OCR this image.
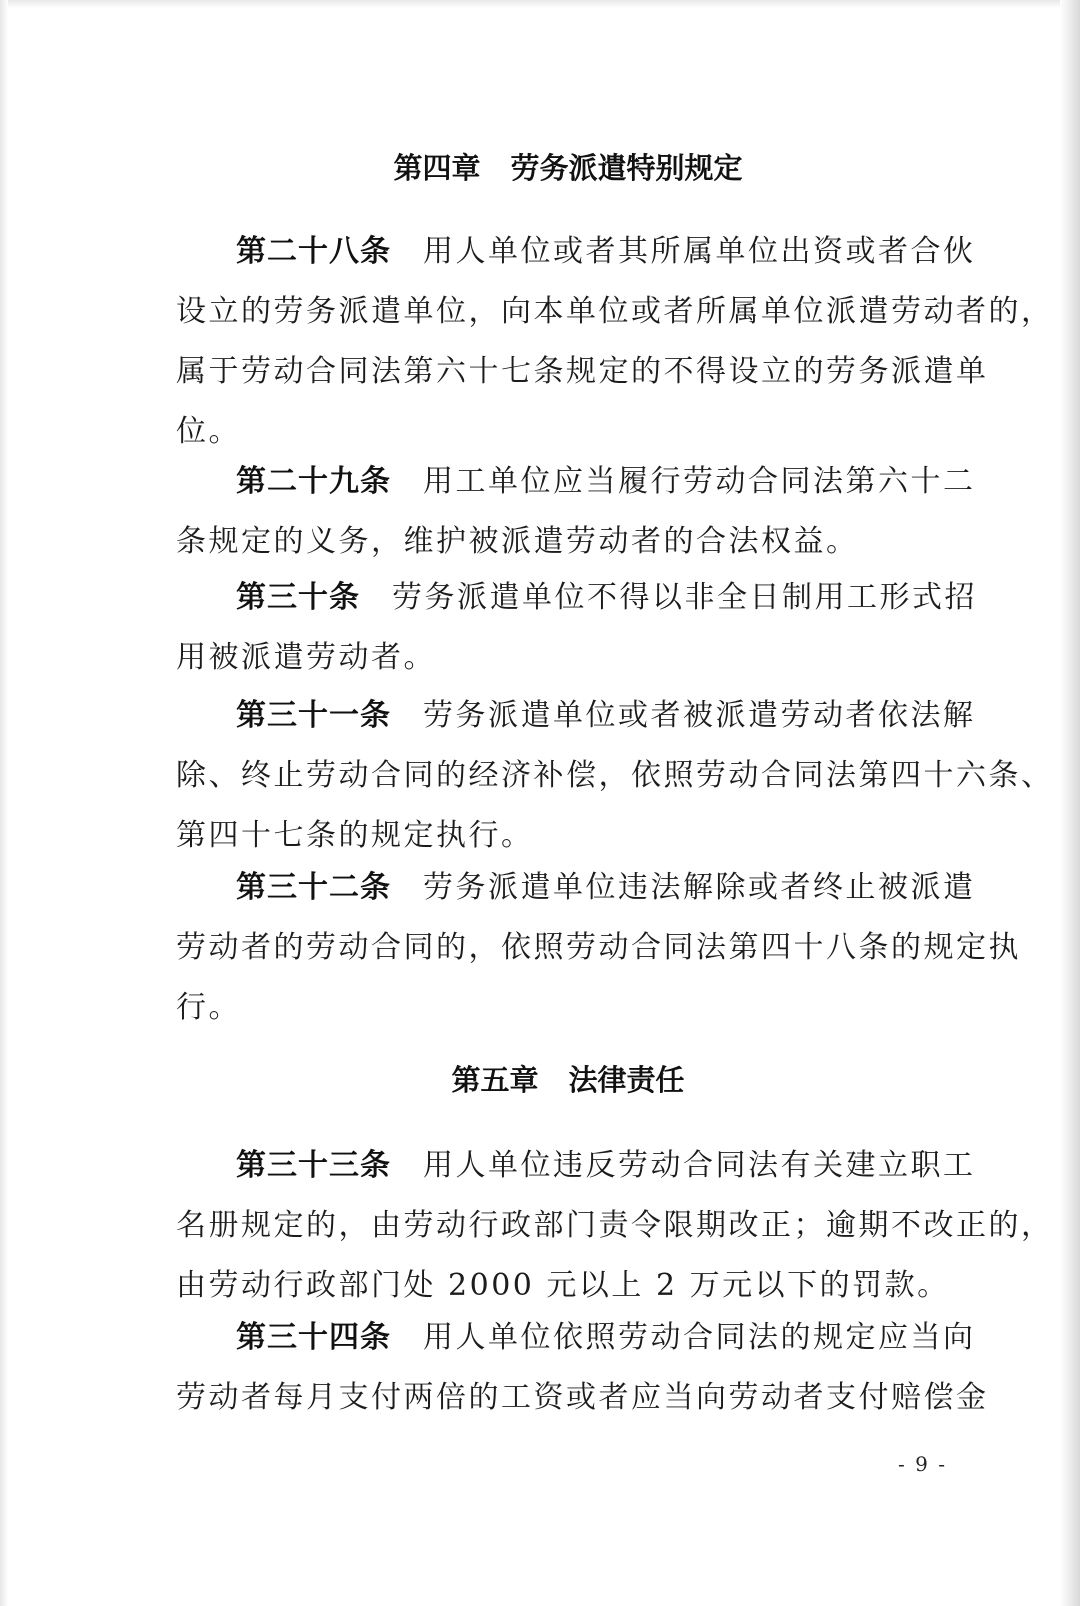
第四章 劳务派遣特别规定
第二十八条 用人单位或者其所属单位出资或者合伙
设立的劳务派遣单位，向本单位或者所属单位派遣劳动者的，
属于劳动合同法第六十七条规定的不得设立的劳务派遣单
位。
第二十九条 用工单位应当履行劳动合同法第六十二
条规定的义务，维护被派遣劳动者的合法权益。
第三十条 劳务派遣单位不得以非全日制用工形式招
用被派遣劳动者。
第三十一条 劳务派遣单位或者被派遣劳动者依法解
除、终止劳动合同的经济补偿，依照劳动合同法第四十六条、
第四十七条的规定执行。
第三十二条 劳务派遣单位违法解除或者终止被派遣
劳动者的劳动合同的，依照劳动合同法第四十八条的规定执
行。
第五章 法律责任
第三十三条 用人单位违反劳动合同法有关建立职工
名册规定的，由劳动行政部门责令限期改正；逾期不改正的，
由劳动行政部门处 2000 元以上 2 万元以下的罚款。
第三十四条 用人单位依照劳动合同法的规定应当向
劳动者每月支付两倍的工资或者应当向劳动者支付赔偿金
- 9 -
